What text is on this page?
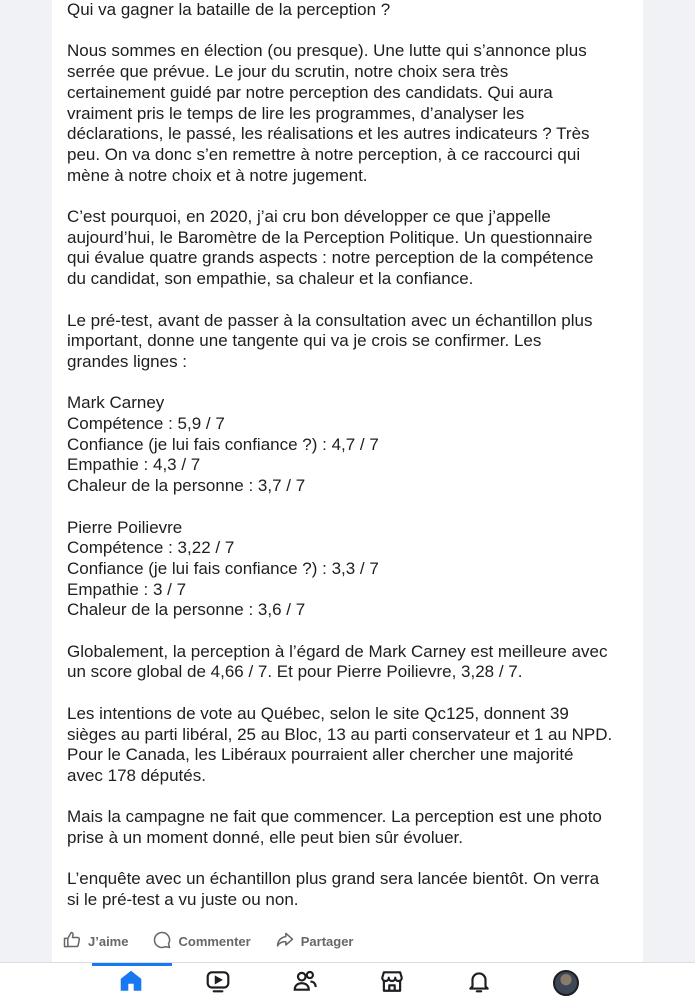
Qui va gagner la bataille de la perception ?

Nous sommes en élection (ou presque). Une lutte qui s’annonce plus
serrée que prévue. Le jour du scrutin, notre choix sera très
certainement guidé par notre perception des candidats. Qui aura
vraiment pris le temps de lire les programmes, d’analyser les
déclarations, le passé, les réalisations et les autres indicateurs ? Très
peu. On va donc s’en remettre à notre perception, à ce raccourci qui
mène à notre choix et à notre jugement.

C’est pourquoi, en 2020, j’ai cru bon développer ce que j’appelle
aujourd’hui, le Baromètre de la Perception Politique. Un questionnaire
qui évalue quatre grands aspects : notre perception de la compétence
du candidat, son empathie, sa chaleur et la confiance.

Le pré-test, avant de passer à la consultation avec un échantillon plus
important, donne une tangente qui va je crois se confirmer. Les
grandes lignes :

Mark Carney
Compétence : 5,9 / 7
Confiance (je lui fais confiance ?) : 4,7 / 7
Empathie : 4,3 / 7
Chaleur de la personne : 3,7 / 7

Pierre Poilievre
Compétence : 3,22 / 7
Confiance (je lui fais confiance ?) : 3,3 / 7
Empathie : 3 / 7
Chaleur de la personne : 3,6 / 7

Globalement, la perception à l’égard de Mark Carney est meilleure avec
un score global de 4,66 / 7. Et pour Pierre Poilievre, 3,28 / 7.

Les intentions de vote au Québec, selon le site Qc125, donnent 39
sièges au parti libéral, 25 au Bloc, 13 au parti conservateur et 1 au NPD.
Pour le Canada, les Libéraux pourraient aller chercher une majorité
avec 178 députés.

Mais la campagne ne fait que commencer. La perception est une photo
prise à un moment donné, elle peut bien sûr évoluer.

L’enquête avec un échantillon plus grand sera lancée bientôt. On verra
si le pré-test a vu juste ou non.

J’aime	Commenter	Partager
